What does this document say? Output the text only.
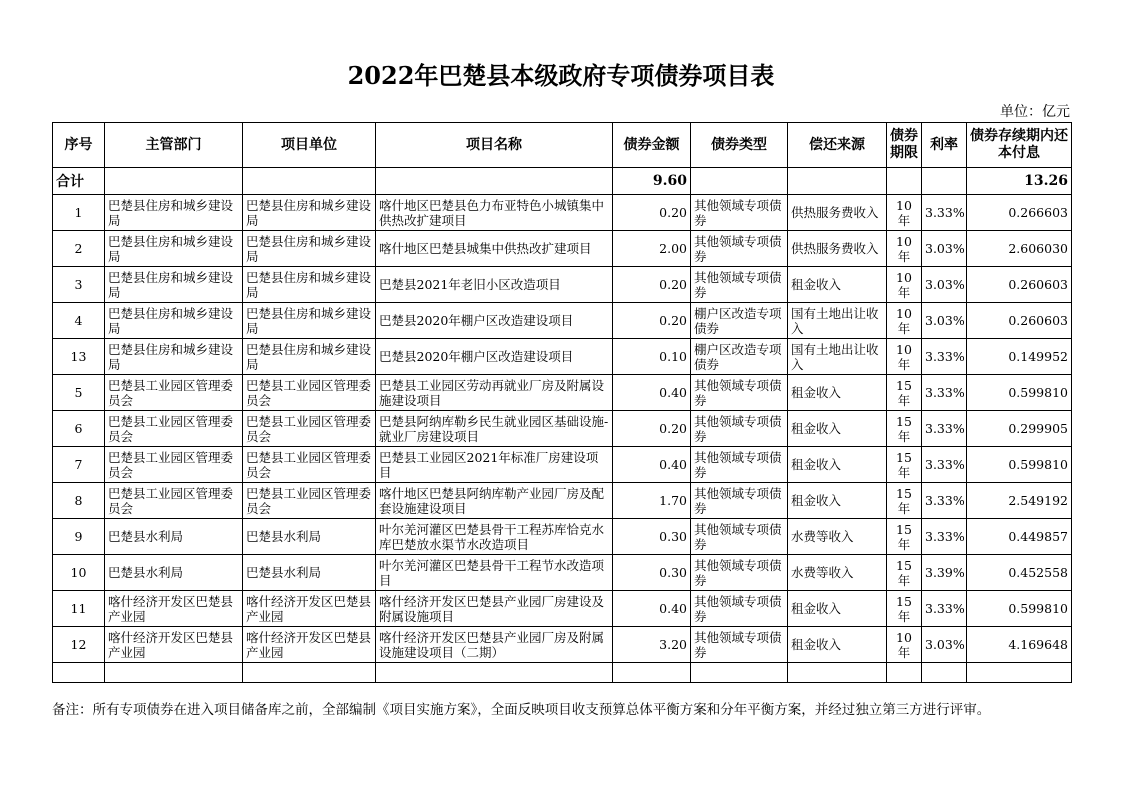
2022年巴楚县本级政府专项债券项目表
单位：亿元
序号	主管部门	项目单位	项目名称	债券金额	债券类型	偿还来源	债券期限	利率	债券存续期内还本付息
合计				9.60					13.26
1	巴楚县住房和城乡建设局	巴楚县住房和城乡建设局	喀什地区巴楚县色力布亚特色小城镇集中供热改扩建项目	0.20	其他领域专项债券	供热服务费收入	10年	3.33%	0.266603
2	巴楚县住房和城乡建设局	巴楚县住房和城乡建设局	喀什地区巴楚县城集中供热改扩建项目	2.00	其他领域专项债券	供热服务费收入	10年	3.03%	2.606030
3	巴楚县住房和城乡建设局	巴楚县住房和城乡建设局	巴楚县2021年老旧小区改造项目	0.20	其他领域专项债券	租金收入	10年	3.03%	0.260603
4	巴楚县住房和城乡建设局	巴楚县住房和城乡建设局	巴楚县2020年棚户区改造建设项目	0.20	棚户区改造专项债券	国有土地出让收入	10年	3.03%	0.260603
13	巴楚县住房和城乡建设局	巴楚县住房和城乡建设局	巴楚县2020年棚户区改造建设项目	0.10	棚户区改造专项债券	国有土地出让收入	10年	3.33%	0.149952
5	巴楚县工业园区管理委员会	巴楚县工业园区管理委员会	巴楚县工业园区劳动再就业厂房及附属设施建设项目	0.40	其他领域专项债券	租金收入	15年	3.33%	0.599810
6	巴楚县工业园区管理委员会	巴楚县工业园区管理委员会	巴楚县阿纳库勒乡民生就业园区基础设施-就业厂房建设项目	0.20	其他领域专项债券	租金收入	15年	3.33%	0.299905
7	巴楚县工业园区管理委员会	巴楚县工业园区管理委员会	巴楚县工业园区2021年标准厂房建设项目	0.40	其他领域专项债券	租金收入	15年	3.33%	0.599810
8	巴楚县工业园区管理委员会	巴楚县工业园区管理委员会	喀什地区巴楚县阿纳库勒产业园厂房及配套设施建设项目	1.70	其他领域专项债券	租金收入	15年	3.33%	2.549192
9	巴楚县水利局	巴楚县水利局	叶尔羌河灌区巴楚县骨干工程苏库恰克水库巴楚放水渠节水改造项目	0.30	其他领域专项债券	水费等收入	15年	3.33%	0.449857
10	巴楚县水利局	巴楚县水利局	叶尔羌河灌区巴楚县骨干工程节水改造项目	0.30	其他领域专项债券	水费等收入	15年	3.39%	0.452558
11	喀什经济开发区巴楚县产业园	喀什经济开发区巴楚县产业园	喀什经济开发区巴楚县产业园厂房建设及附属设施项目	0.40	其他领域专项债券	租金收入	15年	3.33%	0.599810
12	喀什经济开发区巴楚县产业园	喀什经济开发区巴楚县产业园	喀什经济开发区巴楚县产业园厂房及附属设施建设项目（二期）	3.20	其他领域专项债券	租金收入	10年	3.03%	4.169648

备注：所有专项债券在进入项目储备库之前，全部编制《项目实施方案》，全面反映项目收支预算总体平衡方案和分年平衡方案，并经过独立第三方进行评审。
